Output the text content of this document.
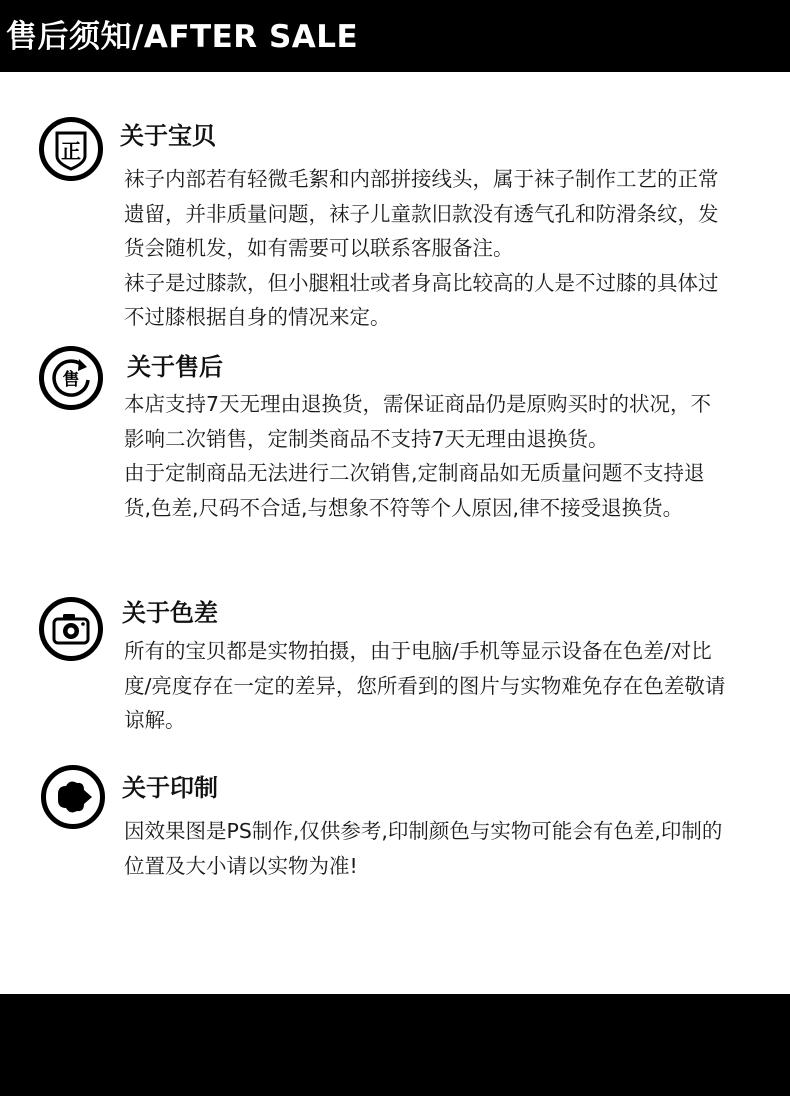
售后须知/AFTER SALE
正
关于宝贝

袜子内部若有轻微毛絮和内部拼接线头，属于袜子制作工艺的正常遗留，并非质量问题，袜子儿童款旧款没有透气孔和防滑条纹，发货会随机发，如有需要可以联系客服备注。

袜子是过膝款，但小腿粗壮或者身高比较高的人是不过膝的具体过不过膝根据自身的情况来定。

售 关于售后

本店支持7天无理由退换货，需保证商品仍是原购买时的状况，不影响二次销售，定制类商品不支持7天无理由退换货。

由于定制商品无法进行二次销售,定制商品如无质量问题不支持退货,色差,尺码不合适,与想象不符等个人原因,律不接受退换货。

关于色差

所有的宝贝都是实物拍摄，由于电脑/手机等显示设备在色差/对比度/亮度存在一定的差异，您所看到的图片与实物难免存在色差敬请谅解。

关于印制

因效果图是PS制作,仅供参考,印制颜色与实物可能会有色差,印制的位置及大小请以实物为准!
